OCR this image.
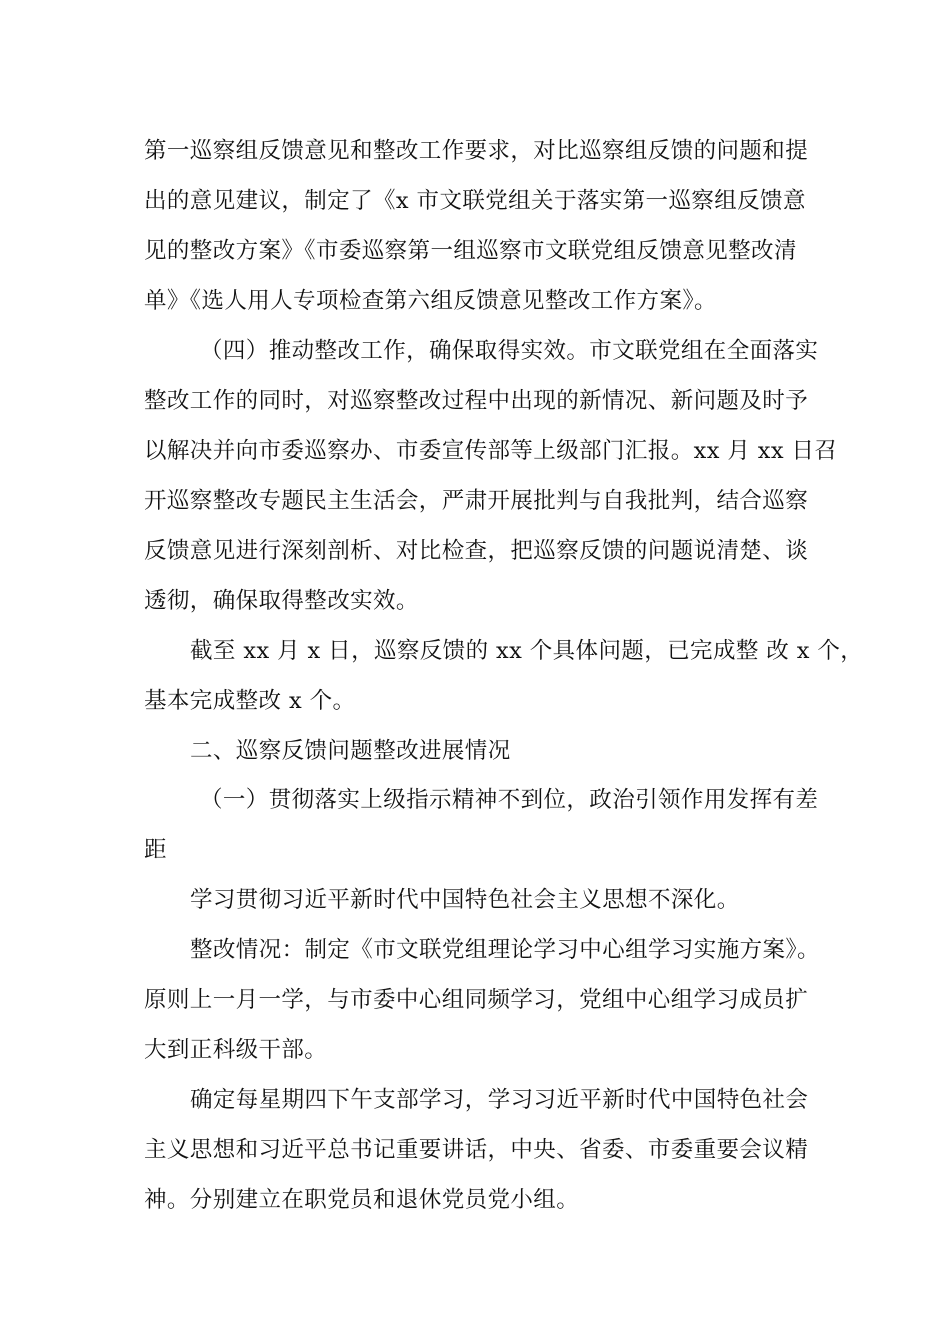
第一巡察组反馈意见和整改工作要求，对比巡察组反馈的问题和提
出的意见建议，制定了《x 市文联党组关于落实第一巡察组反馈意
见的整改方案》《市委巡察第一组巡察市文联党组反馈意见整改清
单》《选人用人专项检查第六组反馈意见整改工作方案》。
（四）推动整改工作，确保取得实效。市文联党组在全面落实
整改工作的同时，对巡察整改过程中出现的新情况、新问题及时予
以解决并向市委巡察办、市委宣传部等上级部门汇报。xx 月 xx 日召
开巡察整改专题民主生活会，严肃开展批判与自我批判，结合巡察
反馈意见进行深刻剖析、对比检查，把巡察反馈的问题说清楚、谈
透彻，确保取得整改实效。
截至 xx 月 x 日，巡察反馈的 xx 个具体问题，已完成整 改 x 个，
基本完成整改 x 个。
二、巡察反馈问题整改进展情况
（一）贯彻落实上级指示精神不到位，政治引领作用发挥有差
距
学习贯彻习近平新时代中国特色社会主义思想不深化。
整改情况：制定《市文联党组理论学习中心组学习实施方案》。
原则上一月一学，与市委中心组同频学习，党组中心组学习成员扩
大到正科级干部。
确定每星期四下午支部学习，学习习近平新时代中国特色社会
主义思想和习近平总书记重要讲话，中央、省委、市委重要会议精
神。分别建立在职党员和退休党员党小组。
